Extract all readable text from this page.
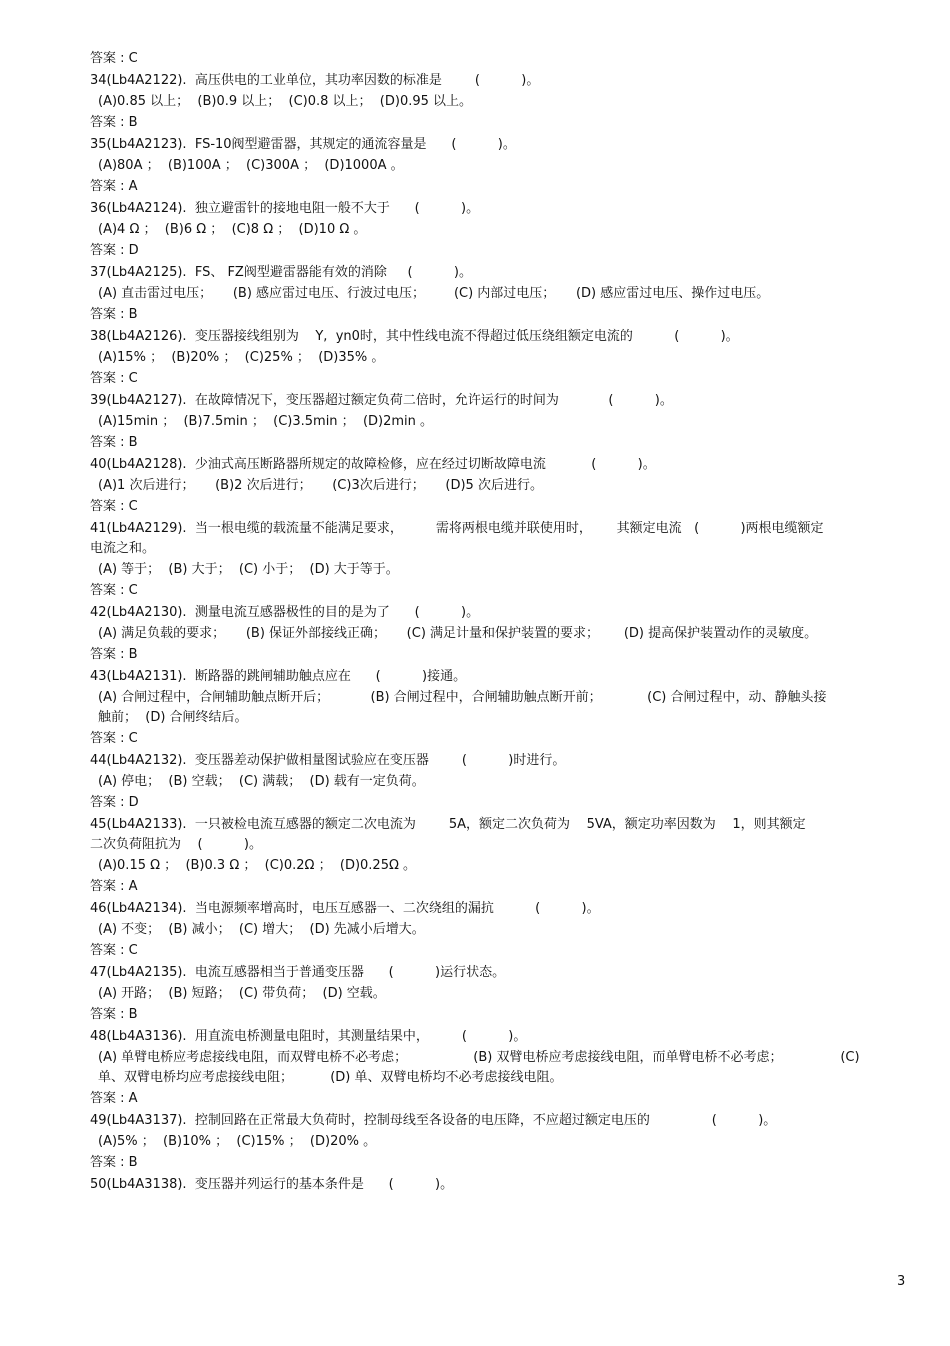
答案 : C
34(Lb4A2122).  高压供电的工业单位，其功率因数的标准是        (          )。
(A)0.85 以上；  (B)0.9 以上；  (C)0.8 以上；  (D)0.95 以上。
答案 : B
35(Lb4A2123).  FS-10阀型避雷器，其规定的通流容量是      (          )。
(A)80A ；  (B)100A ；  (C)300A ；  (D)1000A 。
答案 : A
36(Lb4A2124).  独立避雷针的接地电阻一般不大于      (          )。
(A)4 Ω ；  (B)6 Ω ；  (C)8 Ω ；  (D)10 Ω 。
答案 : D
37(Lb4A2125).  FS、 FZ阀型避雷器能有效的消除     (          )。
(A) 直击雷过电压；     (B) 感应雷过电压、行波过电压；       (C) 内部过电压；     (D) 感应雷过电压、操作过电压。
答案 : B
38(Lb4A2126).  变压器接线组别为    Y,  yn0时，其中性线电流不得超过低压绕组额定电流的          (          )。
(A)15% ；  (B)20% ；  (C)25% ；  (D)35% 。
答案 : C
39(Lb4A2127).  在故障情况下，变压器超过额定负荷二倍时，允许运行的时间为            (          )。
(A)15min ；  (B)7.5min ；  (C)3.5min ；  (D)2min 。
答案 : B
40(Lb4A2128).  少油式高压断路器所规定的故障检修，应在经过切断故障电流           (          )。
(A)1 次后进行；     (B)2 次后进行；     (C)3次后进行；     (D)5 次后进行。
答案 : C
41(Lb4A2129).  当一根电缆的载流量不能满足要求，        需将两根电缆并联使用时，      其额定电流   (          )两根电缆额定
电流之和。
(A) 等于；  (B) 大于；  (C) 小于；  (D) 大于等于。
答案 : C
42(Lb4A2130).  测量电流互感器极性的目的是为了      (          )。
(A) 满足负载的要求；     (B) 保证外部接线正确；     (C) 满足计量和保护装置的要求；      (D) 提高保护装置动作的灵敏度。
答案 : B
43(Lb4A2131).  断路器的跳闸辅助触点应在      (          )接通。
(A) 合闸过程中，合闸辅助触点断开后；          (B) 合闸过程中，合闸辅助触点断开前；           (C) 合闸过程中，动、静触头接
触前；  (D) 合闸终结后。
答案 : C
44(Lb4A2132).  变压器差动保护做相量图试验应在变压器        (          )时进行。
(A) 停电；  (B) 空载；  (C) 满载；  (D) 载有一定负荷。
答案 : D
45(Lb4A2133).  一只被检电流互感器的额定二次电流为        5A，额定二次负荷为    5VA，额定功率因数为    1，则其额定
二次负荷阻抗为    (          )。
(A)0.15 Ω ；  (B)0.3 Ω ；  (C)0.2Ω ；  (D)0.25Ω 。
答案 : A
46(Lb4A2134).  当电源频率增高时，电压互感器一、二次绕组的漏抗          (          )。
(A) 不变；  (B) 减小；  (C) 增大；  (D) 先减小后增大。
答案 : C
47(Lb4A2135).  电流互感器相当于普通变压器      (          )运行状态。
(A) 开路；  (B) 短路；  (C) 带负荷；  (D) 空载。
答案 : B
48(Lb4A3136).  用直流电桥测量电阻时，其测量结果中，        (          )。
(A) 单臂电桥应考虑接线电阻，而双臂电桥不必考虑；                (B) 双臂电桥应考虑接线电阻，而单臂电桥不必考虑；              (C)
单、双臂电桥均应考虑接线电阻；         (D) 单、双臂电桥均不必考虑接线电阻。
答案 : A
49(Lb4A3137).  控制回路在正常最大负荷时，控制母线至各设备的电压降，不应超过额定电压的               (          )。
(A)5% ；  (B)10% ；  (C)15% ；  (D)20% 。
答案 : B
50(Lb4A3138).  变压器并列运行的基本条件是      (          )。
3
